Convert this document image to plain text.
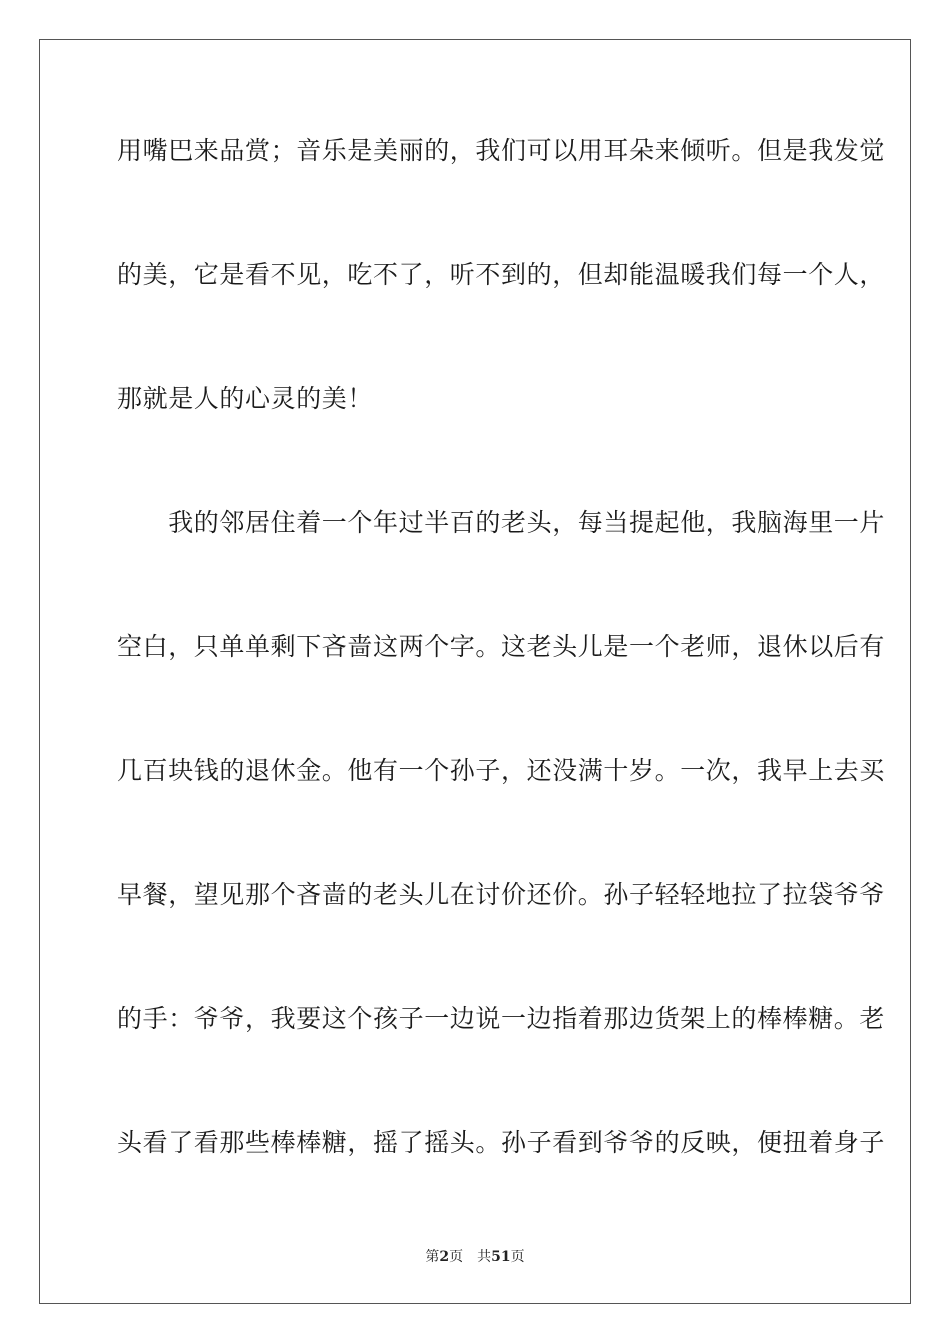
用嘴巴来品赏；音乐是美丽的，我们可以用耳朵来倾听。但是我发觉
的美，它是看不见，吃不了，听不到的，但却能温暖我们每一个人，
那就是人的心灵的美！
　　我的邻居住着一个年过半百的老头，每当提起他，我脑海里一片
空白，只单单剩下吝啬这两个字。这老头儿是一个老师，退休以后有
几百块钱的退休金。他有一个孙子，还没满十岁。一次，我早上去买
早餐，望见那个吝啬的老头儿在讨价还价。孙子轻轻地拉了拉袋爷爷
的手：爷爷，我要这个孩子一边说一边指着那边货架上的棒棒糖。老
头看了看那些棒棒糖，摇了摇头。孙子看到爷爷的反映，便扭着身子
第2页 共51页
